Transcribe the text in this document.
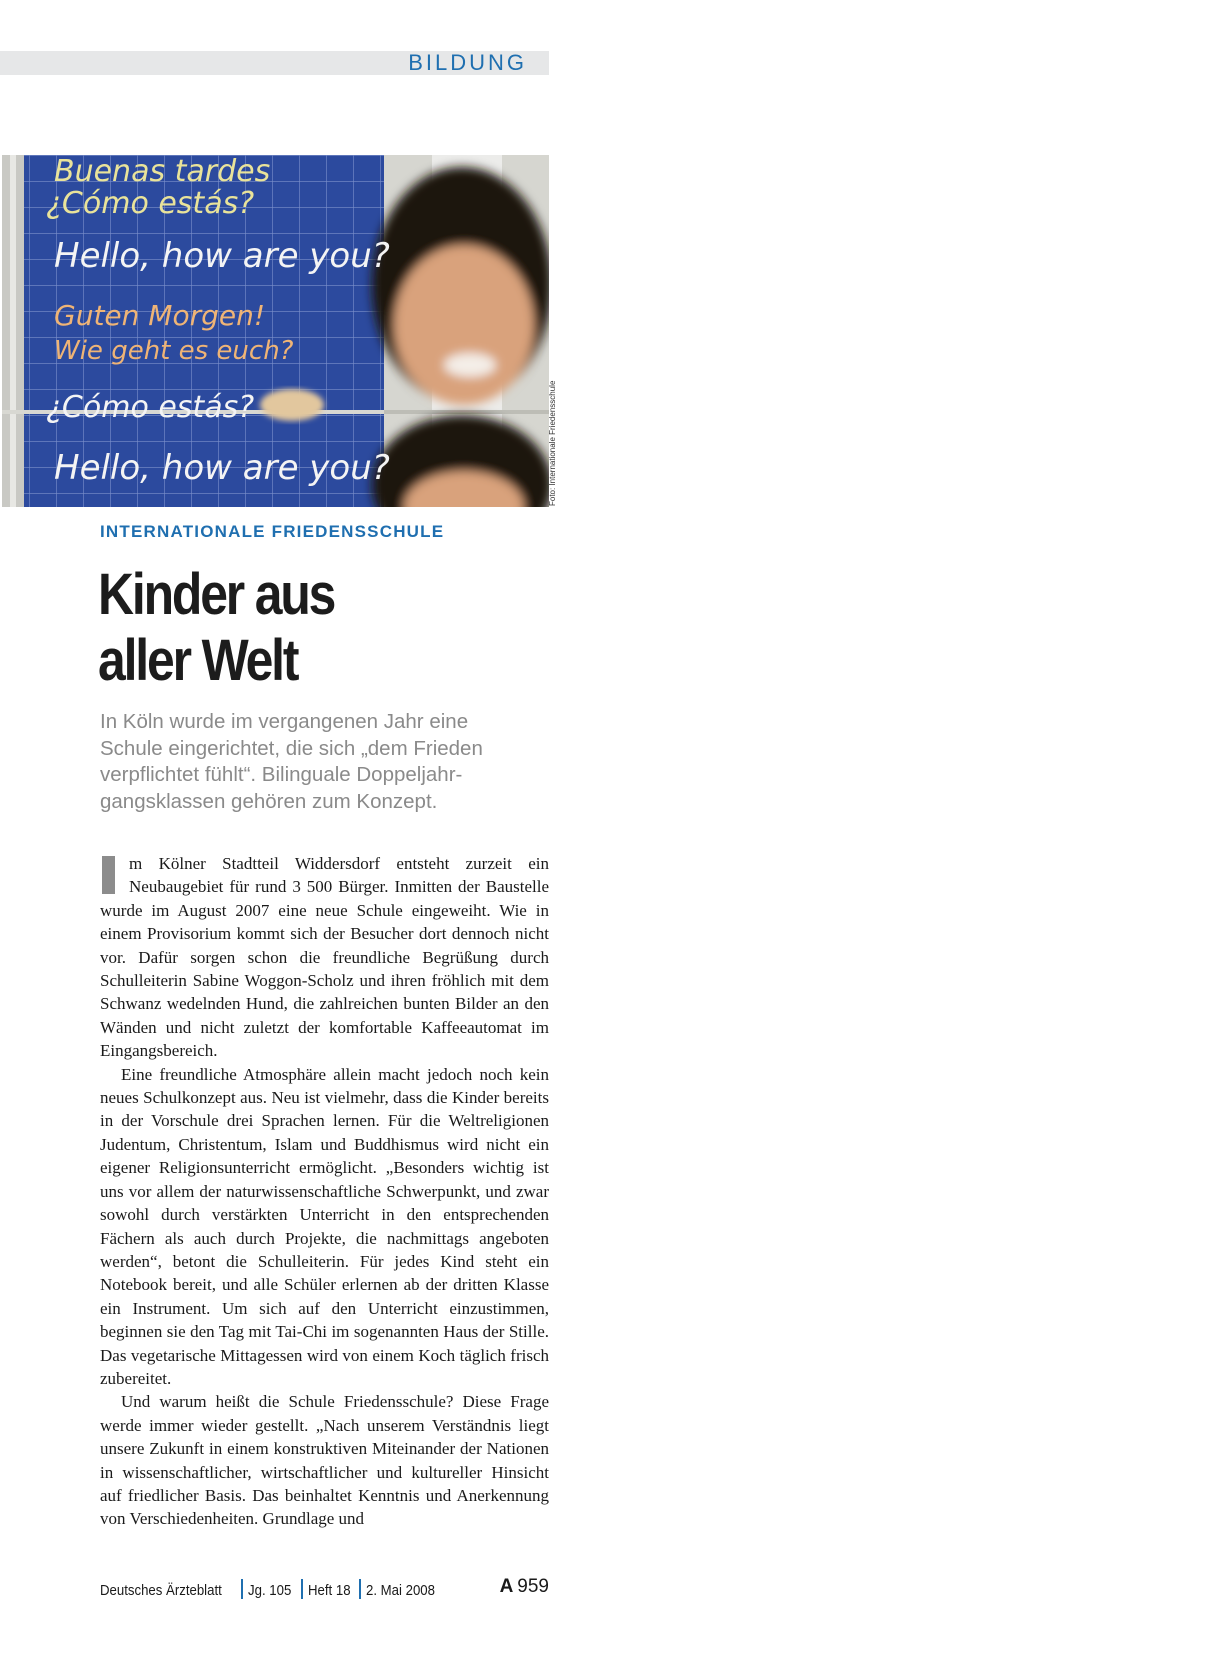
BILDUNG
Buenas tardes
¿Cómo estás?
Hello, how are you?
Guten Morgen!
Wie geht es euch?
¿Cómo estás?
Hello, how are you?	Foto: Internationale Friedensschule
INTERNATIONALE FRIEDENSSCHULE
Kinder aus
aller Welt
In Köln wurde im vergangenen Jahr eine
Schule eingerichtet, die sich „dem Frieden
verpflichtet fühlt“. Bilinguale Doppeljahr-
gangsklassen gehören zum Konzept.

m Kölner Stadtteil Widdersdorf entsteht zurzeit ein Neubaugebiet für rund 3 500 Bürger. Inmitten der Baustelle wurde im August 2007 eine neue Schule eingeweiht. Wie in einem Provisorium kommt sich der Besucher dort dennoch nicht vor. Dafür sorgen schon die freundliche Begrüßung durch Schulleiterin Sabine Woggon-Scholz und ihren fröhlich mit dem Schwanz wedelnden Hund, die zahlreichen bunten Bilder an den Wänden und nicht zuletzt der komfortable Kaffeeautomat im Eingangsbereich.

Eine freundliche Atmosphäre allein macht jedoch noch kein neues Schulkonzept aus. Neu ist vielmehr, dass die Kinder bereits in der Vorschule drei Sprachen lernen. Für die Weltreligionen Judentum, Christentum, Islam und Buddhismus wird nicht ein eigener Religionsunterricht ermöglicht. „Besonders wichtig ist uns vor allem der naturwissenschaftliche Schwerpunkt, und zwar sowohl durch verstärkten Unterricht in den entsprechenden Fächern als auch durch Projekte, die nachmittags angeboten werden“, betont die Schulleiterin. Für jedes Kind steht ein Notebook bereit, und alle Schüler erlernen ab der dritten Klasse ein Instrument. Um sich auf den Unterricht einzustimmen, beginnen sie den Tag mit Tai-Chi im sogenannten Haus der Stille. Das vegetarische Mittagessen wird von einem Koch täglich frisch zubereitet.

Und warum heißt die Schule Friedensschule? Diese Frage werde immer wieder gestellt. „Nach unserem Verständnis liegt unsere Zukunft in einem konstruktiven Miteinander der Nationen in wissenschaftlicher, wirtschaftlicher und kultureller Hinsicht auf friedlicher Basis. Das beinhaltet Kenntnis und Anerkennung von Verschiedenheiten. Grundlage und

Deutsches Ärzteblatt Jg. 105 Heft 18 2. Mai 2008	A 959
